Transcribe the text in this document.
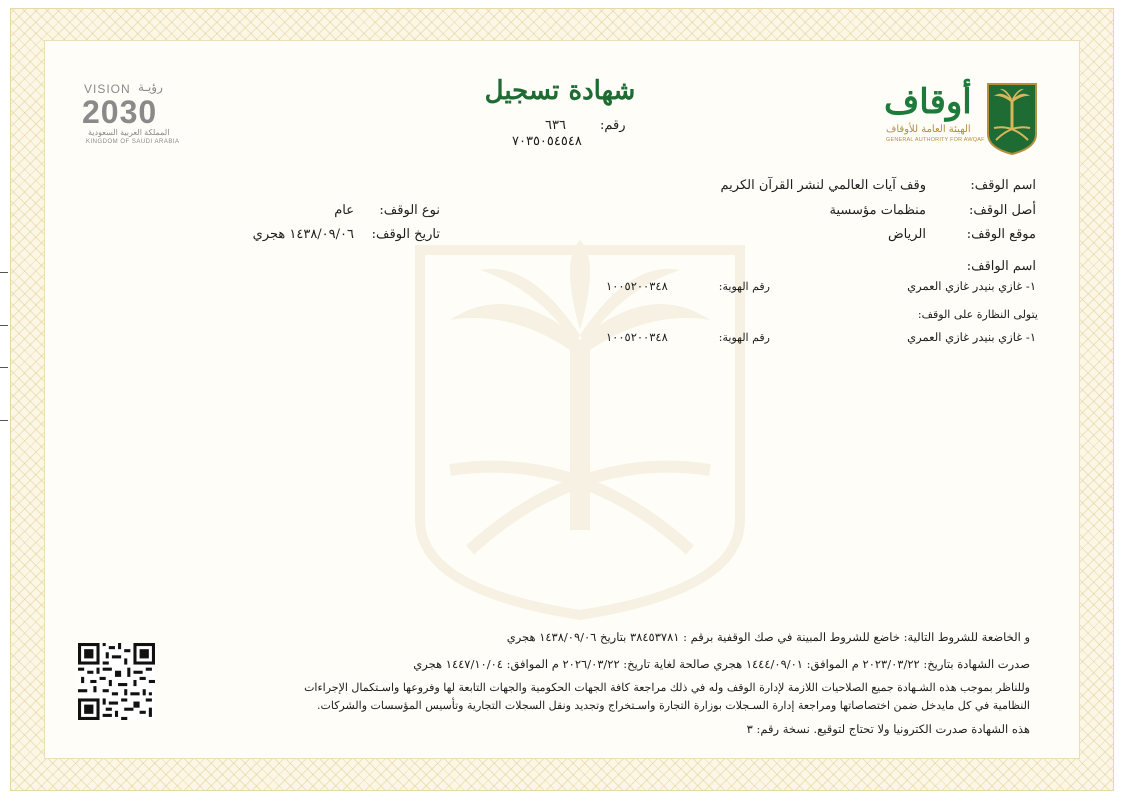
VISION رؤيـة
2030
المملكة العربية السعودية
KINGDOM OF SAUDI ARABIA
أوقاف
الهيئة العامة للأوقاف
GENERAL AUTHORITY FOR AWQAF
شهادة تسجيل
رقم:
٦٣٦
٧٠٣٥٠٥٤٥٤٨
اسم الوقف:
وقف آيات العالمي لنشر القرآن الكريم
أصل الوقف:
منظمات مؤسسية
موقع الوقف:
الرياض
نوع الوقف:
عام
تاريخ الوقف:
١٤٣٨/٠٩/٠٦ هجري
اسم الواقف:
١- غازي بنيدر غازي العمري
رقم الهوية:
١٠٠٥٢٠٠٣٤٨
يتولى النظارة على الوقف:
١- غازي بنيدر غازي العمري
رقم الهوية:
١٠٠٥٢٠٠٣٤٨
و الخاضعة للشروط التالية: خاضع للشروط المبينة في صك الوقفية برقم : ٣٨٤٥٣٧٨١ بتاريخ ١٤٣٨/٠٩/٠٦ هجري
صدرت الشهادة بتاريخ: ٢٠٢٣/٠٣/٢٢ م الموافق: ١٤٤٤/٠٩/٠١ هجري صالحة لغاية تاريخ: ٢٠٢٦/٠٣/٢٢ م الموافق: ١٤٤٧/١٠/٠٤ هجري
وللناظر بموجب هذه الشـهادة جميع الصلاحيات اللازمة لإدارة الوقف وله في ذلك مراجعة كافة الجهات الحكومية والجهات التابعة لها وفروعها واسـتكمال الإجراءات
النظامية في كل مايدخل ضمن اختصاصاتها ومراجعة إدارة السـجلات بوزارة التجارة واسـتخراج وتجديد ونقل السجلات التجارية وتأسيس المؤسسات والشركات.
هذه الشهادة صدرت الكترونيا ولا تحتاج لتوقيع. نسخة رقم: ٣
